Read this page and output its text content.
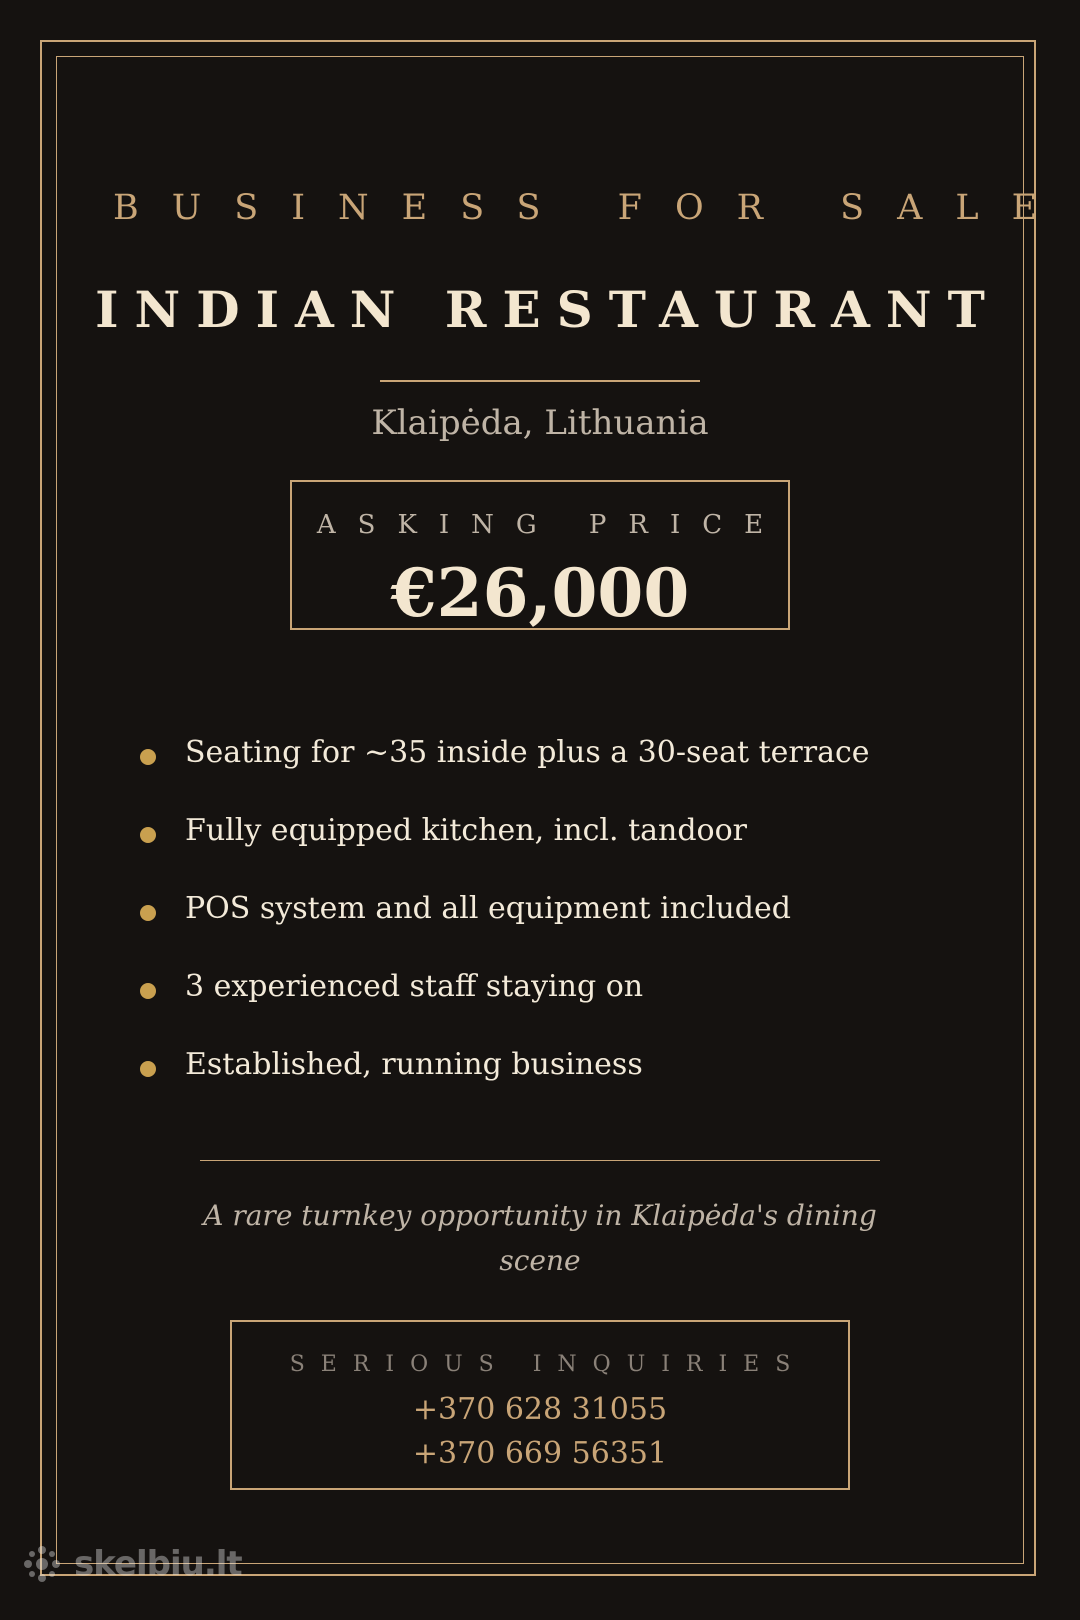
BUSINESS FOR SALE
INDIAN RESTAURANT
Klaipėda, Lithuania
ASKING PRICE
€26,000
Seating for ~35 inside plus a 30-seat terrace
Fully equipped kitchen, incl. tandoor
POS system and all equipment included
3 experienced staff staying on
Established, running business
A rare turnkey opportunity in Klaipėda's dining scene
SERIOUS INQUIRIES
+370 628 31055
+370 669 56351
skelbiu.lt
